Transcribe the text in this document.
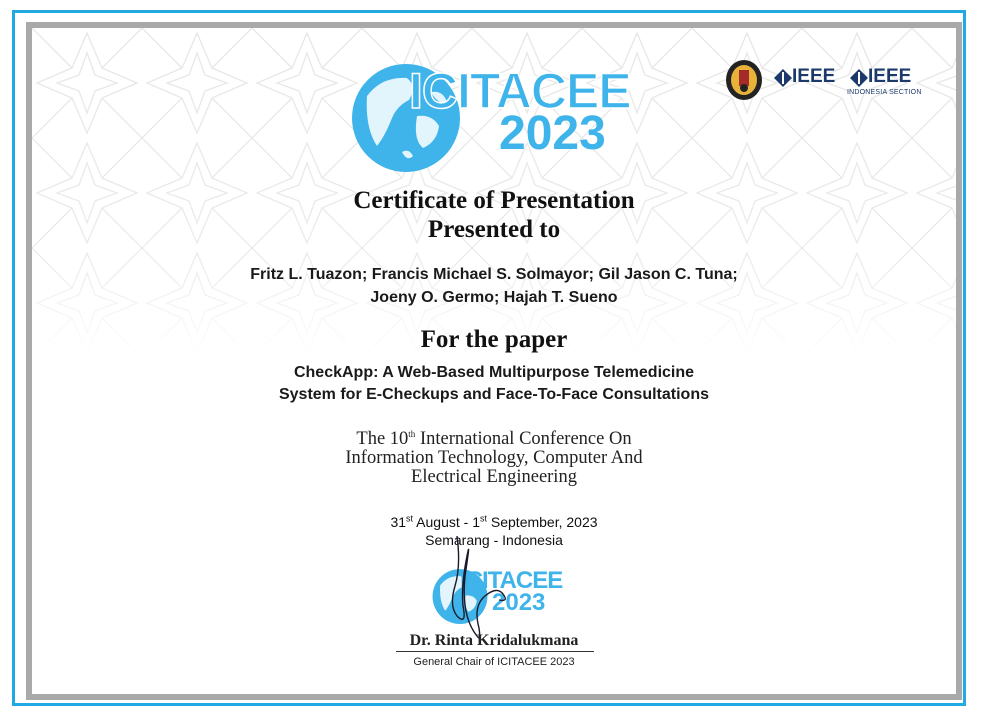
ICITACEE
2023
IEEE IEEE
INDONESIA SECTION
Certificate of Presentation
Presented to
Fritz L. Tuazon; Francis Michael S. Solmayor; Gil Jason C. Tuna;
Joeny O. Germo; Hajah T. Sueno
For the paper
CheckApp: A Web-Based Multipurpose Telemedicine
System for E-Checkups and Face-To-Face Consultations
The 10th International Conference On
Information Technology, Computer And
Electrical Engineering
31st August - 1st September, 2023
Semarang - Indonesia
ICITACEE
2023
Dr. Rinta Kridalukmana
General Chair of ICITACEE 2023
